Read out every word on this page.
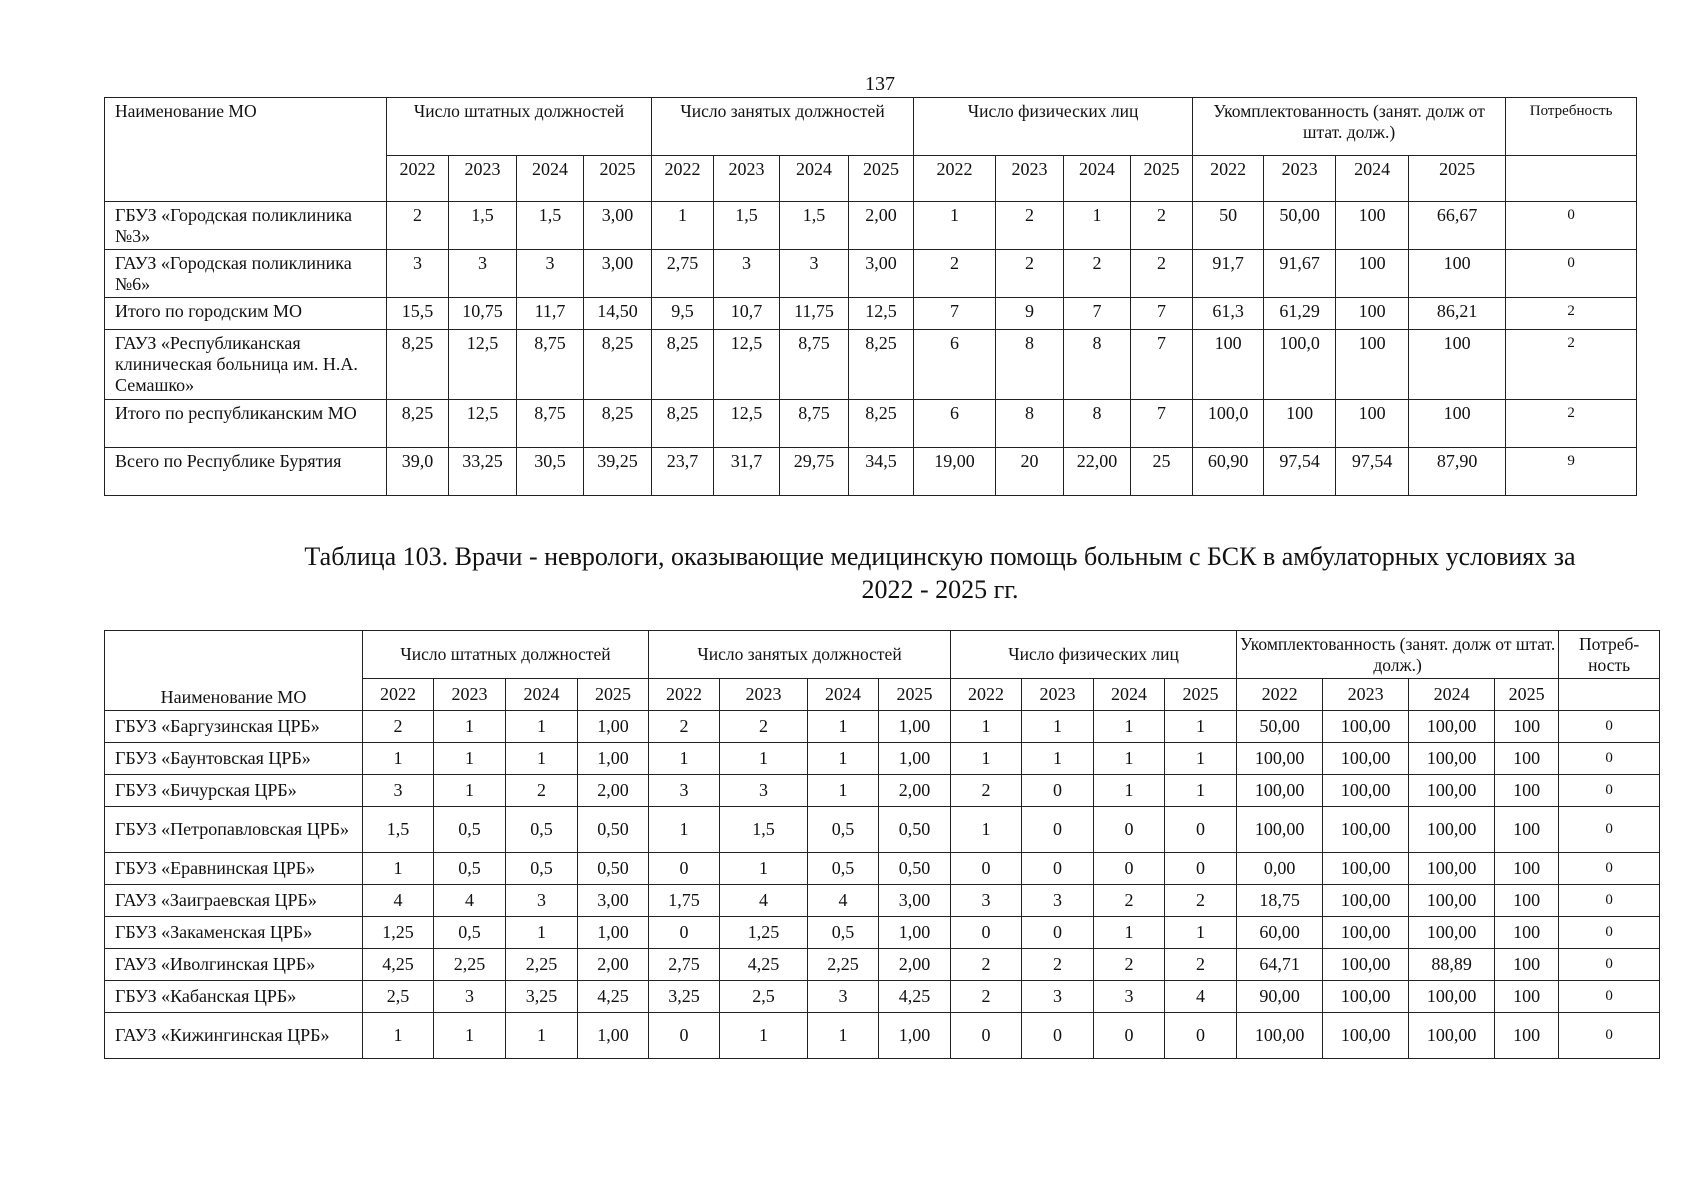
137
Наименование МО	Число штатных должностей				Число занятых должностей				Число физических лиц				Укомплектованность (занят. долж от штат. долж.)				Потребность
	2022	2023	2024	2025	2022	2023	2024	2025	2022	2023	2024	2025	2022	2023	2024	2025	
ГБУЗ «Городская поликлиника №3»	2	1,5	1,5	3,00	1	1,5	1,5	2,00	1	2	1	2	50	50,00	100	66,67	0
ГАУЗ «Городская поликлиника №6»	3	3	3	3,00	2,75	3	3	3,00	2	2	2	2	91,7	91,67	100	100	0
Итого по городским МО	15,5	10,75	11,7	14,50	9,5	10,7	11,75	12,5	7	9	7	7	61,3	61,29	100	86,21	2
ГАУЗ «Республиканская клиническая больница им. Н.А. Семашко»	8,25	12,5	8,75	8,25	8,25	12,5	8,75	8,25	6	8	8	7	100	100,0	100	100	2
Итого по республиканским МО	8,25	12,5	8,75	8,25	8,25	12,5	8,75	8,25	6	8	8	7	100,0	100	100	100	2
Всего по Республике Бурятия	39,0	33,25	30,5	39,25	23,7	31,7	29,75	34,5	19,00	20	22,00	25	60,90	97,54	97,54	87,90	9
Таблица 103. Врачи - неврологи, оказывающие медицинскую помощь больным с БСК в амбулаторных условиях за
2022 - 2025 гг.
Наименование МО	Число штатных должностей				Число занятых должностей				Число физических лиц				Укомплектованность (занят. долж от штат. долж.)				Потреб-ность
	2022	2023	2024	2025	2022	2023	2024	2025	2022	2023	2024	2025	2022	2023	2024	2025	
ГБУЗ «Баргузинская ЦРБ»	2	1	1	1,00	2	2	1	1,00	1	1	1	1	50,00	100,00	100,00	100	0
ГБУЗ «Баунтовская ЦРБ»	1	1	1	1,00	1	1	1	1,00	1	1	1	1	100,00	100,00	100,00	100	0
ГБУЗ «Бичурская ЦРБ»	3	1	2	2,00	3	3	1	2,00	2	0	1	1	100,00	100,00	100,00	100	0
ГБУЗ «Петропавловская ЦРБ»	1,5	0,5	0,5	0,50	1	1,5	0,5	0,50	1	0	0	0	100,00	100,00	100,00	100	0
ГБУЗ «Еравнинская ЦРБ»	1	0,5	0,5	0,50	0	1	0,5	0,50	0	0	0	0	0,00	100,00	100,00	100	0
ГАУЗ «Заиграевская ЦРБ»	4	4	3	3,00	1,75	4	4	3,00	3	3	2	2	18,75	100,00	100,00	100	0
ГБУЗ «Закаменская ЦРБ»	1,25	0,5	1	1,00	0	1,25	0,5	1,00	0	0	1	1	60,00	100,00	100,00	100	0
ГАУЗ «Иволгинская ЦРБ»	4,25	2,25	2,25	2,00	2,75	4,25	2,25	2,00	2	2	2	2	64,71	100,00	88,89	100	0
ГБУЗ «Кабанская ЦРБ»	2,5	3	3,25	4,25	3,25	2,5	3	4,25	2	3	3	4	90,00	100,00	100,00	100	0
ГАУЗ «Кижингинская ЦРБ»	1	1	1	1,00	0	1	1	1,00	0	0	0	0	100,00	100,00	100,00	100	0
